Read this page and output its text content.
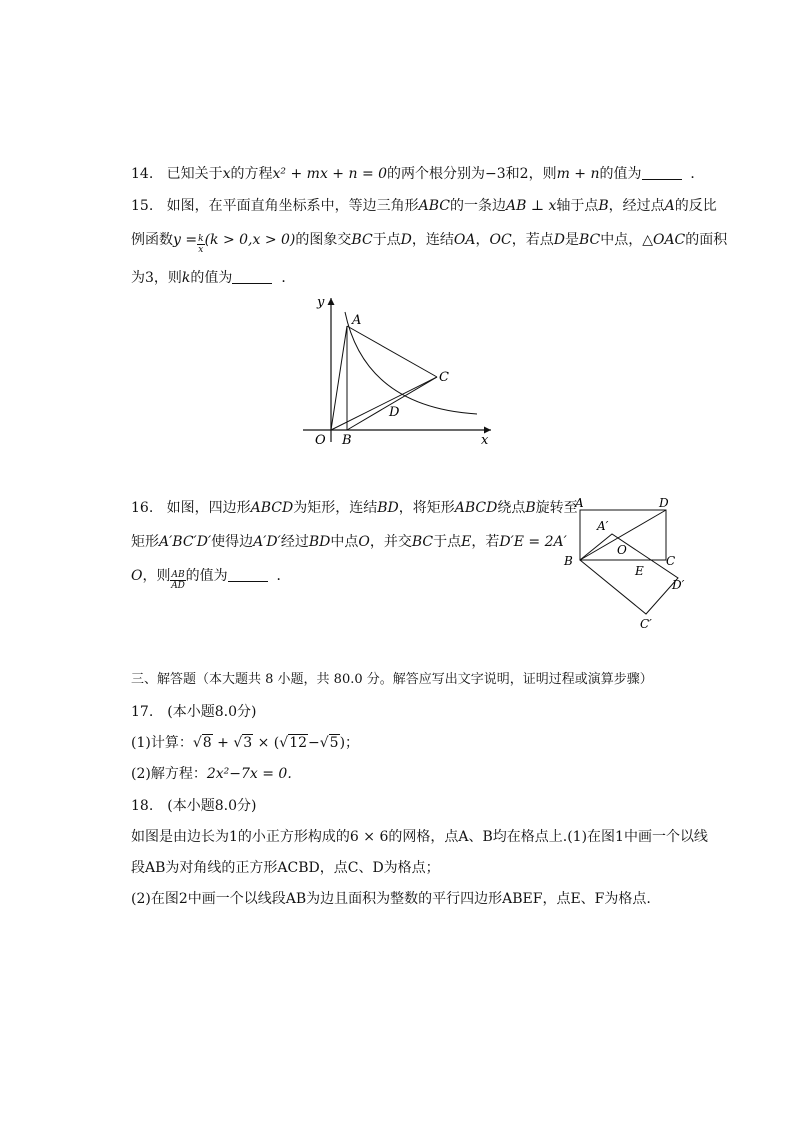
14. 已知关于x的方程x² + mx + n = 0的两个根分别为−3和2，则m + n的值为	．
15. 如图，在平面直角坐标系中，等边三角形ABC的一条边AB ⊥ x轴于点B，经过点A的反比
例函数$y = \frac{k}{x} (k > 0,x > 0)$的图象交BC于点D，连结OA，OC，若点D是BC中点，△OAC的面积
为3，则k的值为	．
y
x
O
A
B
C
D
16. 如图，四边形ABCD为矩形，连结BD，将矩形ABCD绕点B旋转至
矩形A′BC′D′使得边A′D′经过BD中点O，并交BC于点E，若D′E = 2A′
O，则 $\frac{AB}{AD}$ 的值为	．
A	D
A′
O
B	C
E
D′
C′
三、解答题（本大题共 8 小题，共 80.0 分。解答应写出文字说明，证明过程或演算步骤）
17.　(本小题8.0分)
(1)计算：√8 + √3 × (√12−√5)；
(2)解方程：2x²−7x = 0.
18.　(本小题8.0分)
如图是由边长为1的小正方形构成的6 × 6的网格，点A、B均在格点上.(1)在图1中画一个以线
段AB为对角线的正方形ACBD，点C、D为格点；
(2)在图2中画一个以线段AB为边且面积为整数的平行四边形ABEF，点E、F为格点.
